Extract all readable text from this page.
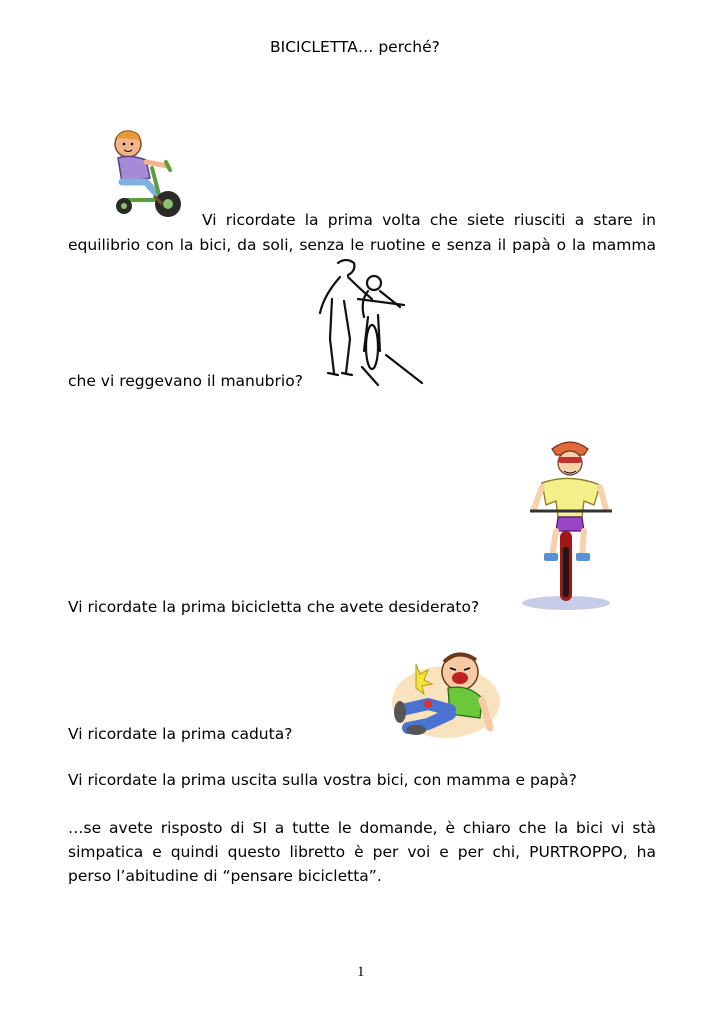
BICICLETTA… perché?
Vi ricordate la prima volta che siete riusciti a stare in
equilibrio con la bici, da soli, senza le ruotine e senza il papà o la mamma
che vi reggevano il manubrio?
Vi ricordate la prima bicicletta che avete desiderato?
Vi ricordate la prima caduta?
Vi ricordate la prima uscita sulla vostra bici, con mamma e papà?
…se avete risposto di SI a tutte le domande, è chiaro che la bici vi stà
simpatica e quindi questo libretto è per voi e per chi, PURTROPPO, ha
perso l’abitudine di “pensare bicicletta”.
1
